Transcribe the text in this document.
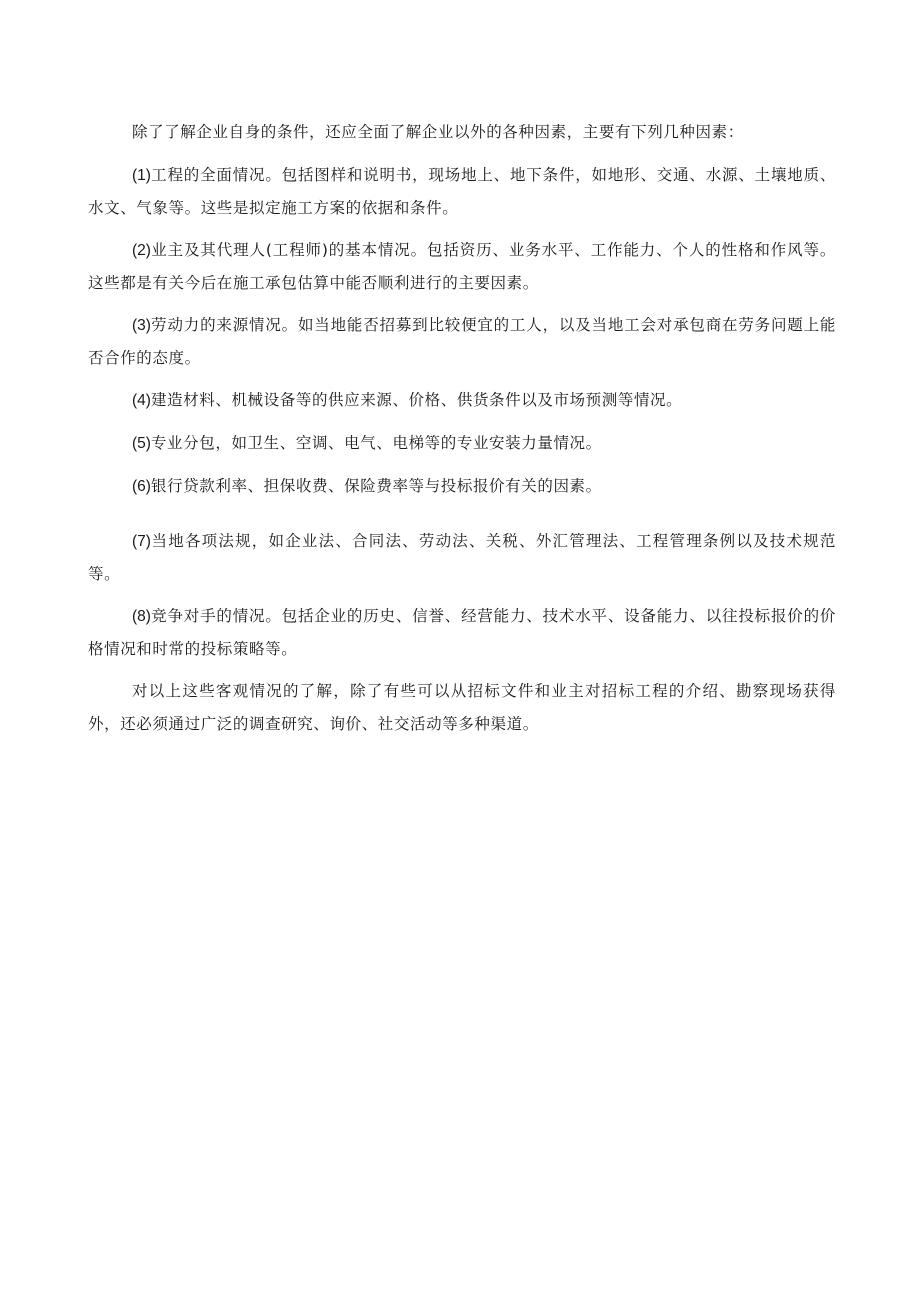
除了了解企业自身的条件，还应全面了解企业以外的各种因素，主要有下列几种因素：

(1)工程的全面情况。包括图样和说明书，现场地上、地下条件，如地形、交通、水源、土壤地质、水文、气象等。这些是拟定施工方案的依据和条件。

(2)业主及其代理人(工程师)的基本情况。包括资历、业务水平、工作能力、个人的性格和作风等。这些都是有关今后在施工承包估算中能否顺利进行的主要因素。

(3)劳动力的来源情况。如当地能否招募到比较便宜的工人，以及当地工会对承包商在劳务问题上能否合作的态度。

(4)建造材料、机械设备等的供应来源、价格、供货条件以及市场预测等情况。

(5)专业分包，如卫生、空调、电气、电梯等的专业安装力量情况。

(6)银行贷款利率、担保收费、保险费率等与投标报价有关的因素。

(7)当地各项法规，如企业法、合同法、劳动法、关税、外汇管理法、工程管理条例以及技术规范等。

(8)竞争对手的情况。包括企业的历史、信誉、经营能力、技术水平、设备能力、以往投标报价的价格情况和时常的投标策略等。

对以上这些客观情况的了解，除了有些可以从招标文件和业主对招标工程的介绍、勘察现场获得外，还必须通过广泛的调查研究、询价、社交活动等多种渠道。
